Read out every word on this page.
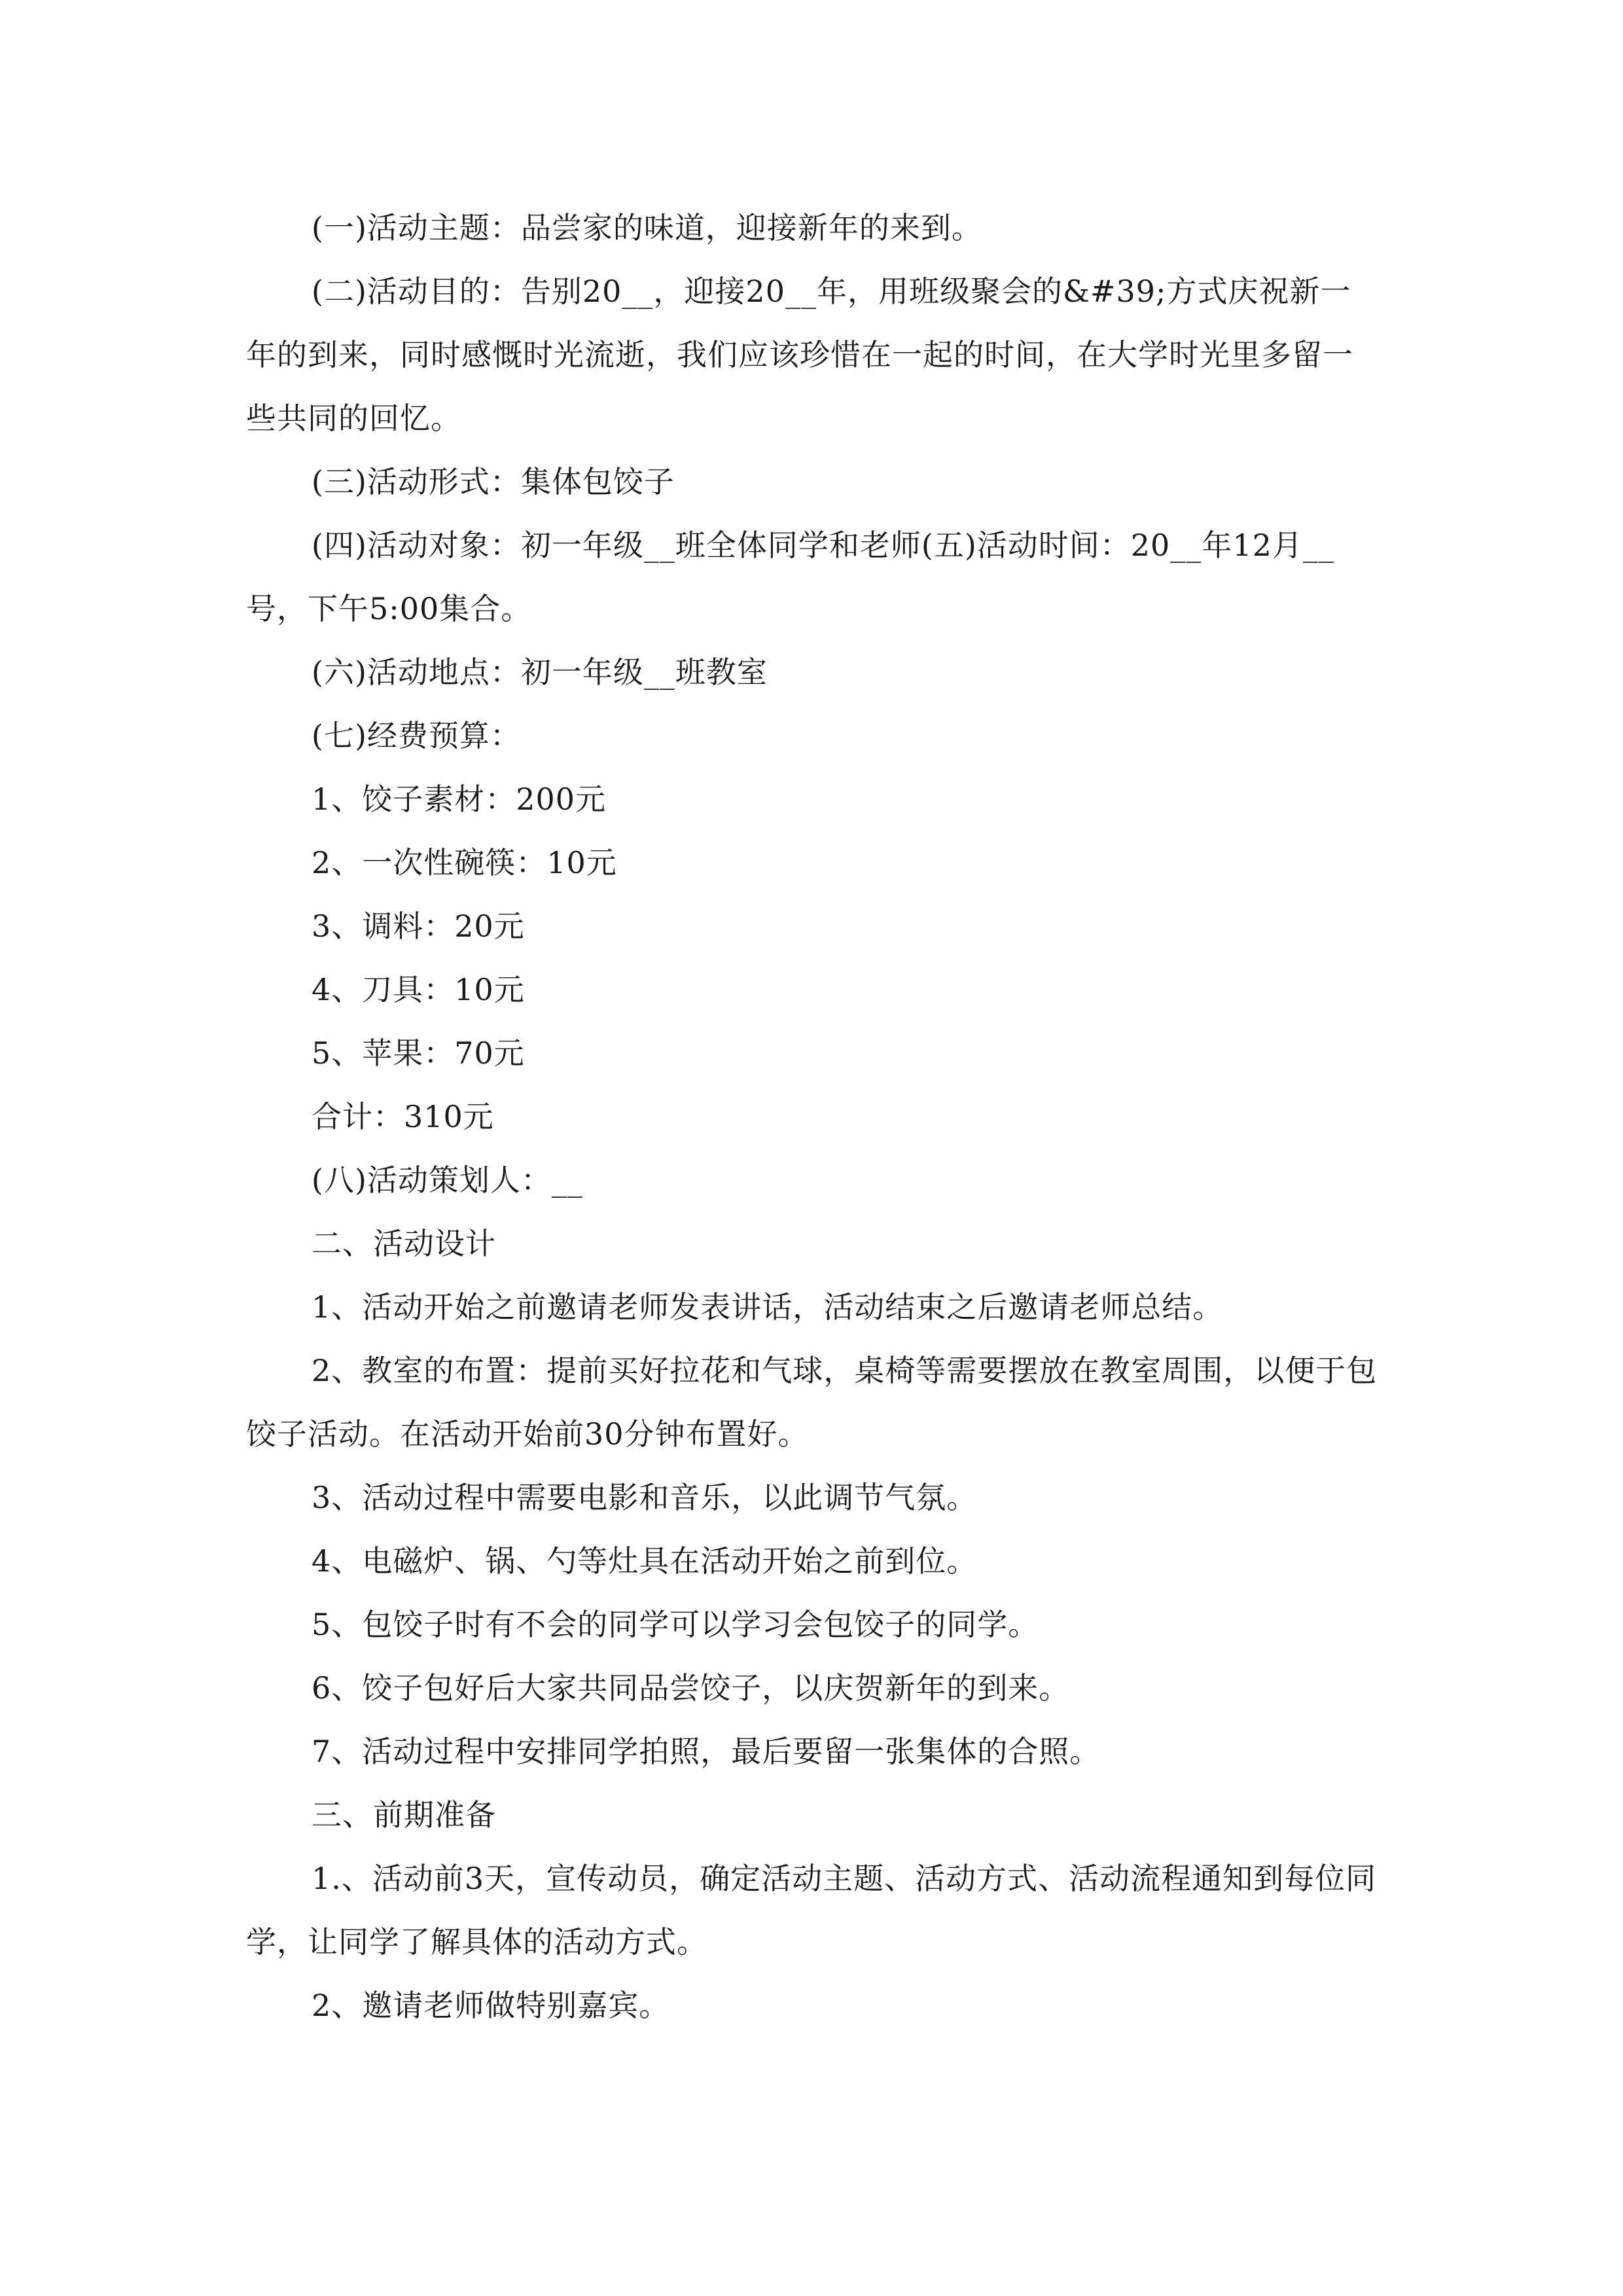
(一)活动主题：品尝家的味道，迎接新年的来到。

(二)活动目的：告别20__，迎接20__年，用班级聚会的&#39;方式庆祝新一年的到来，同时感慨时光流逝，我们应该珍惜在一起的时间，在大学时光里多留一些共同的回忆。

(三)活动形式：集体包饺子

(四)活动对象：初一年级__班全体同学和老师(五)活动时间：20__年12月__号，下午5:00集合。

(六)活动地点：初一年级__班教室

(七)经费预算：

1、饺子素材：200元

2、一次性碗筷：10元

3、调料：20元

4、刀具：10元

5、苹果：70元

合计：310元

(八)活动策划人：__

二、活动设计

1、活动开始之前邀请老师发表讲话，活动结束之后邀请老师总结。

2、教室的布置：提前买好拉花和气球，桌椅等需要摆放在教室周围，以便于包饺子活动。在活动开始前30分钟布置好。

3、活动过程中需要电影和音乐，以此调节气氛。

4、电磁炉、锅、勺等灶具在活动开始之前到位。

5、包饺子时有不会的同学可以学习会包饺子的同学。

6、饺子包好后大家共同品尝饺子，以庆贺新年的到来。

7、活动过程中安排同学拍照，最后要留一张集体的合照。

三、前期准备

1.、活动前3天，宣传动员，确定活动主题、活动方式、活动流程通知到每位同学，让同学了解具体的活动方式。

2、邀请老师做特别嘉宾。
